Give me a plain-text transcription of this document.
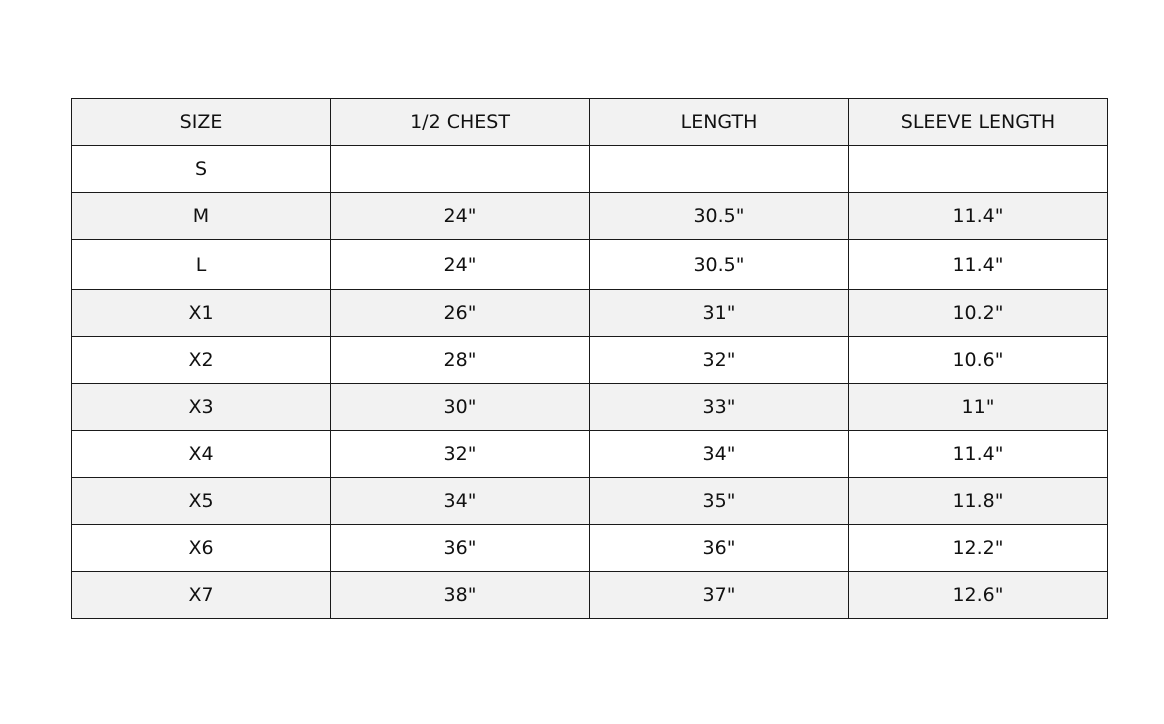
SIZE	1/2 CHEST	LENGTH	SLEEVE LENGTH
S			
M	24"	30.5"	11.4"
L	24"	30.5"	11.4"
X1	26"	31"	10.2"
X2	28"	32"	10.6"
X3	30"	33"	11"
X4	32"	34"	11.4"
X5	34"	35"	11.8"
X6	36"	36"	12.2"
X7	38"	37"	12.6"
